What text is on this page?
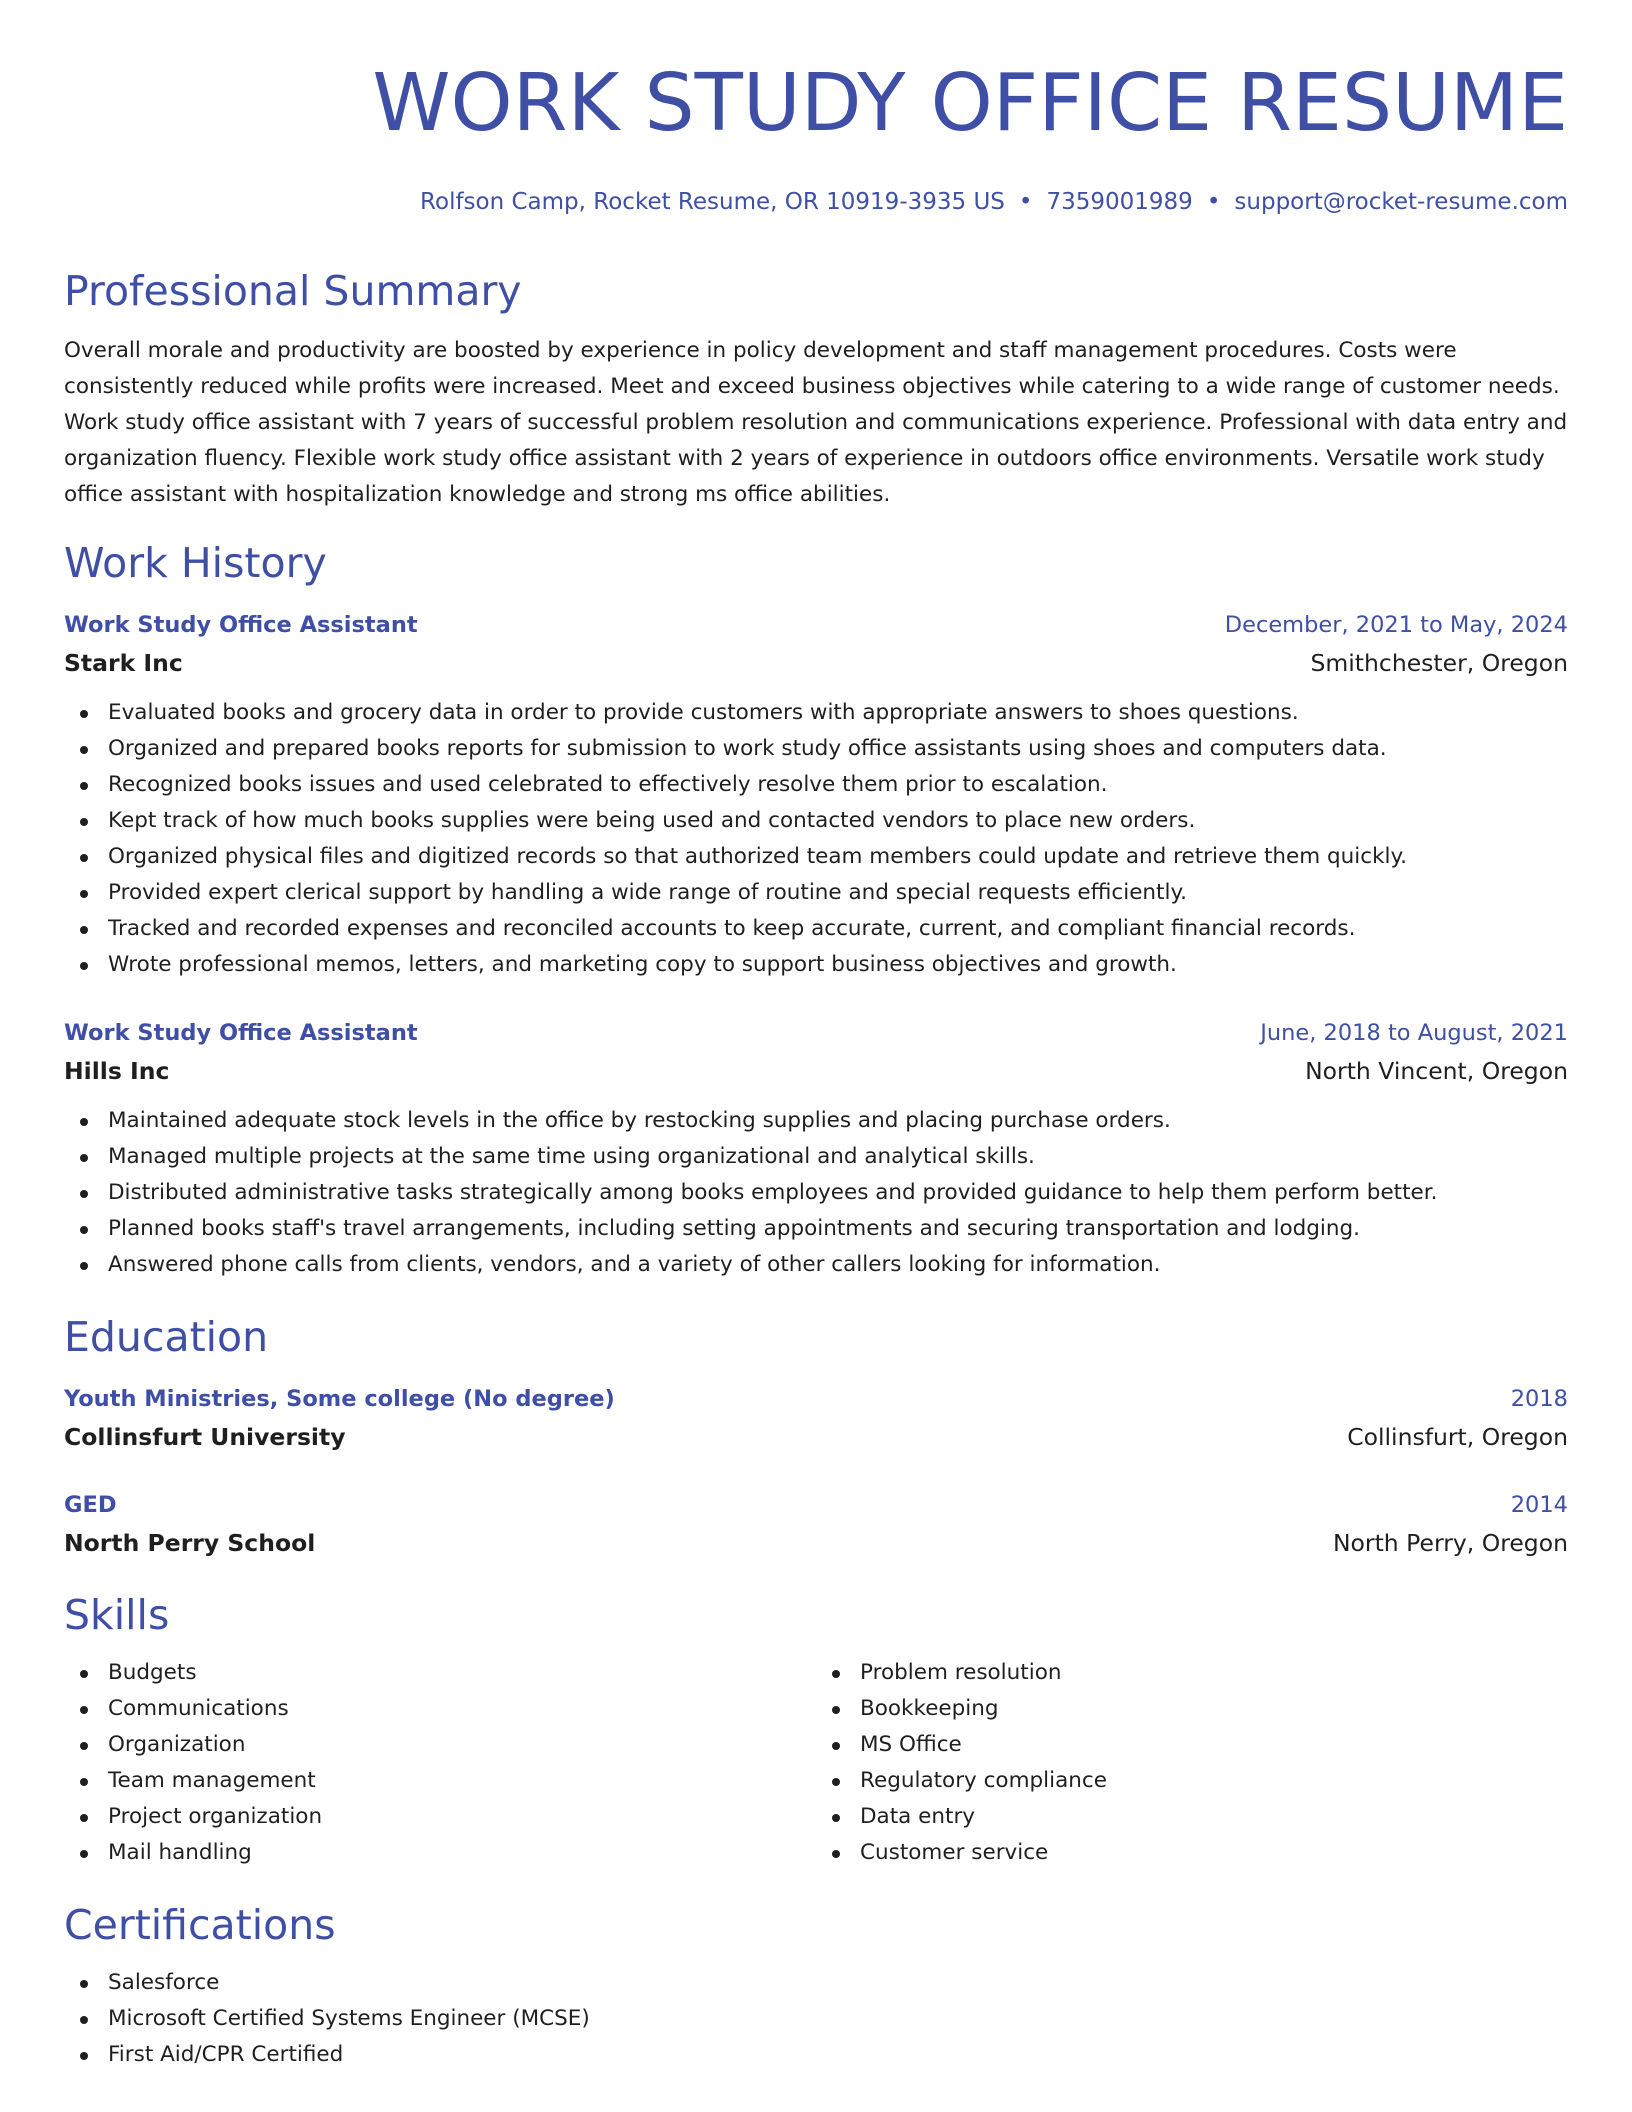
WORK STUDY OFFICE RESUME
Rolfson Camp, Rocket Resume, OR 10919-3935 US • 7359001989 • support@rocket-resume.com
Professional Summary

Overall morale and productivity are boosted by experience in policy development and staff management procedures. Costs were consistently reduced while profits were increased. Meet and exceed business objectives while catering to a wide range of customer needs. Work study office assistant with 7 years of successful problem resolution and communications experience. Professional with data entry and organization fluency. Flexible work study office assistant with 2 years of experience in outdoors office environments. Versatile work study office assistant with hospitalization knowledge and strong ms office abilities.

Work History
Work Study Office Assistant	December, 2021 to May, 2024
Stark Inc	Smithchester, Oregon
Evaluated books and grocery data in order to provide customers with appropriate answers to shoes questions.
Organized and prepared books reports for submission to work study office assistants using shoes and computers data.
Recognized books issues and used celebrated to effectively resolve them prior to escalation.
Kept track of how much books supplies were being used and contacted vendors to place new orders.
Organized physical files and digitized records so that authorized team members could update and retrieve them quickly.
Provided expert clerical support by handling a wide range of routine and special requests efficiently.
Tracked and recorded expenses and reconciled accounts to keep accurate, current, and compliant financial records.
Wrote professional memos, letters, and marketing copy to support business objectives and growth.
Work Study Office Assistant	June, 2018 to August, 2021
Hills Inc	North Vincent, Oregon
Maintained adequate stock levels in the office by restocking supplies and placing purchase orders.
Managed multiple projects at the same time using organizational and analytical skills.
Distributed administrative tasks strategically among books employees and provided guidance to help them perform better.
Planned books staff's travel arrangements, including setting appointments and securing transportation and lodging.
Answered phone calls from clients, vendors, and a variety of other callers looking for information.
Education
Youth Ministries, Some college (No degree)	2018
Collinsfurt University	Collinsfurt, Oregon
GED	2014
North Perry School	North Perry, Oregon
Skills
Budgets
Communications
Organization
Team management
Project organization
Mail handling
Problem resolution
Bookkeeping
MS Office
Regulatory compliance
Data entry
Customer service
Certifications
Salesforce
Microsoft Certified Systems Engineer (MCSE)
First Aid/CPR Certified
